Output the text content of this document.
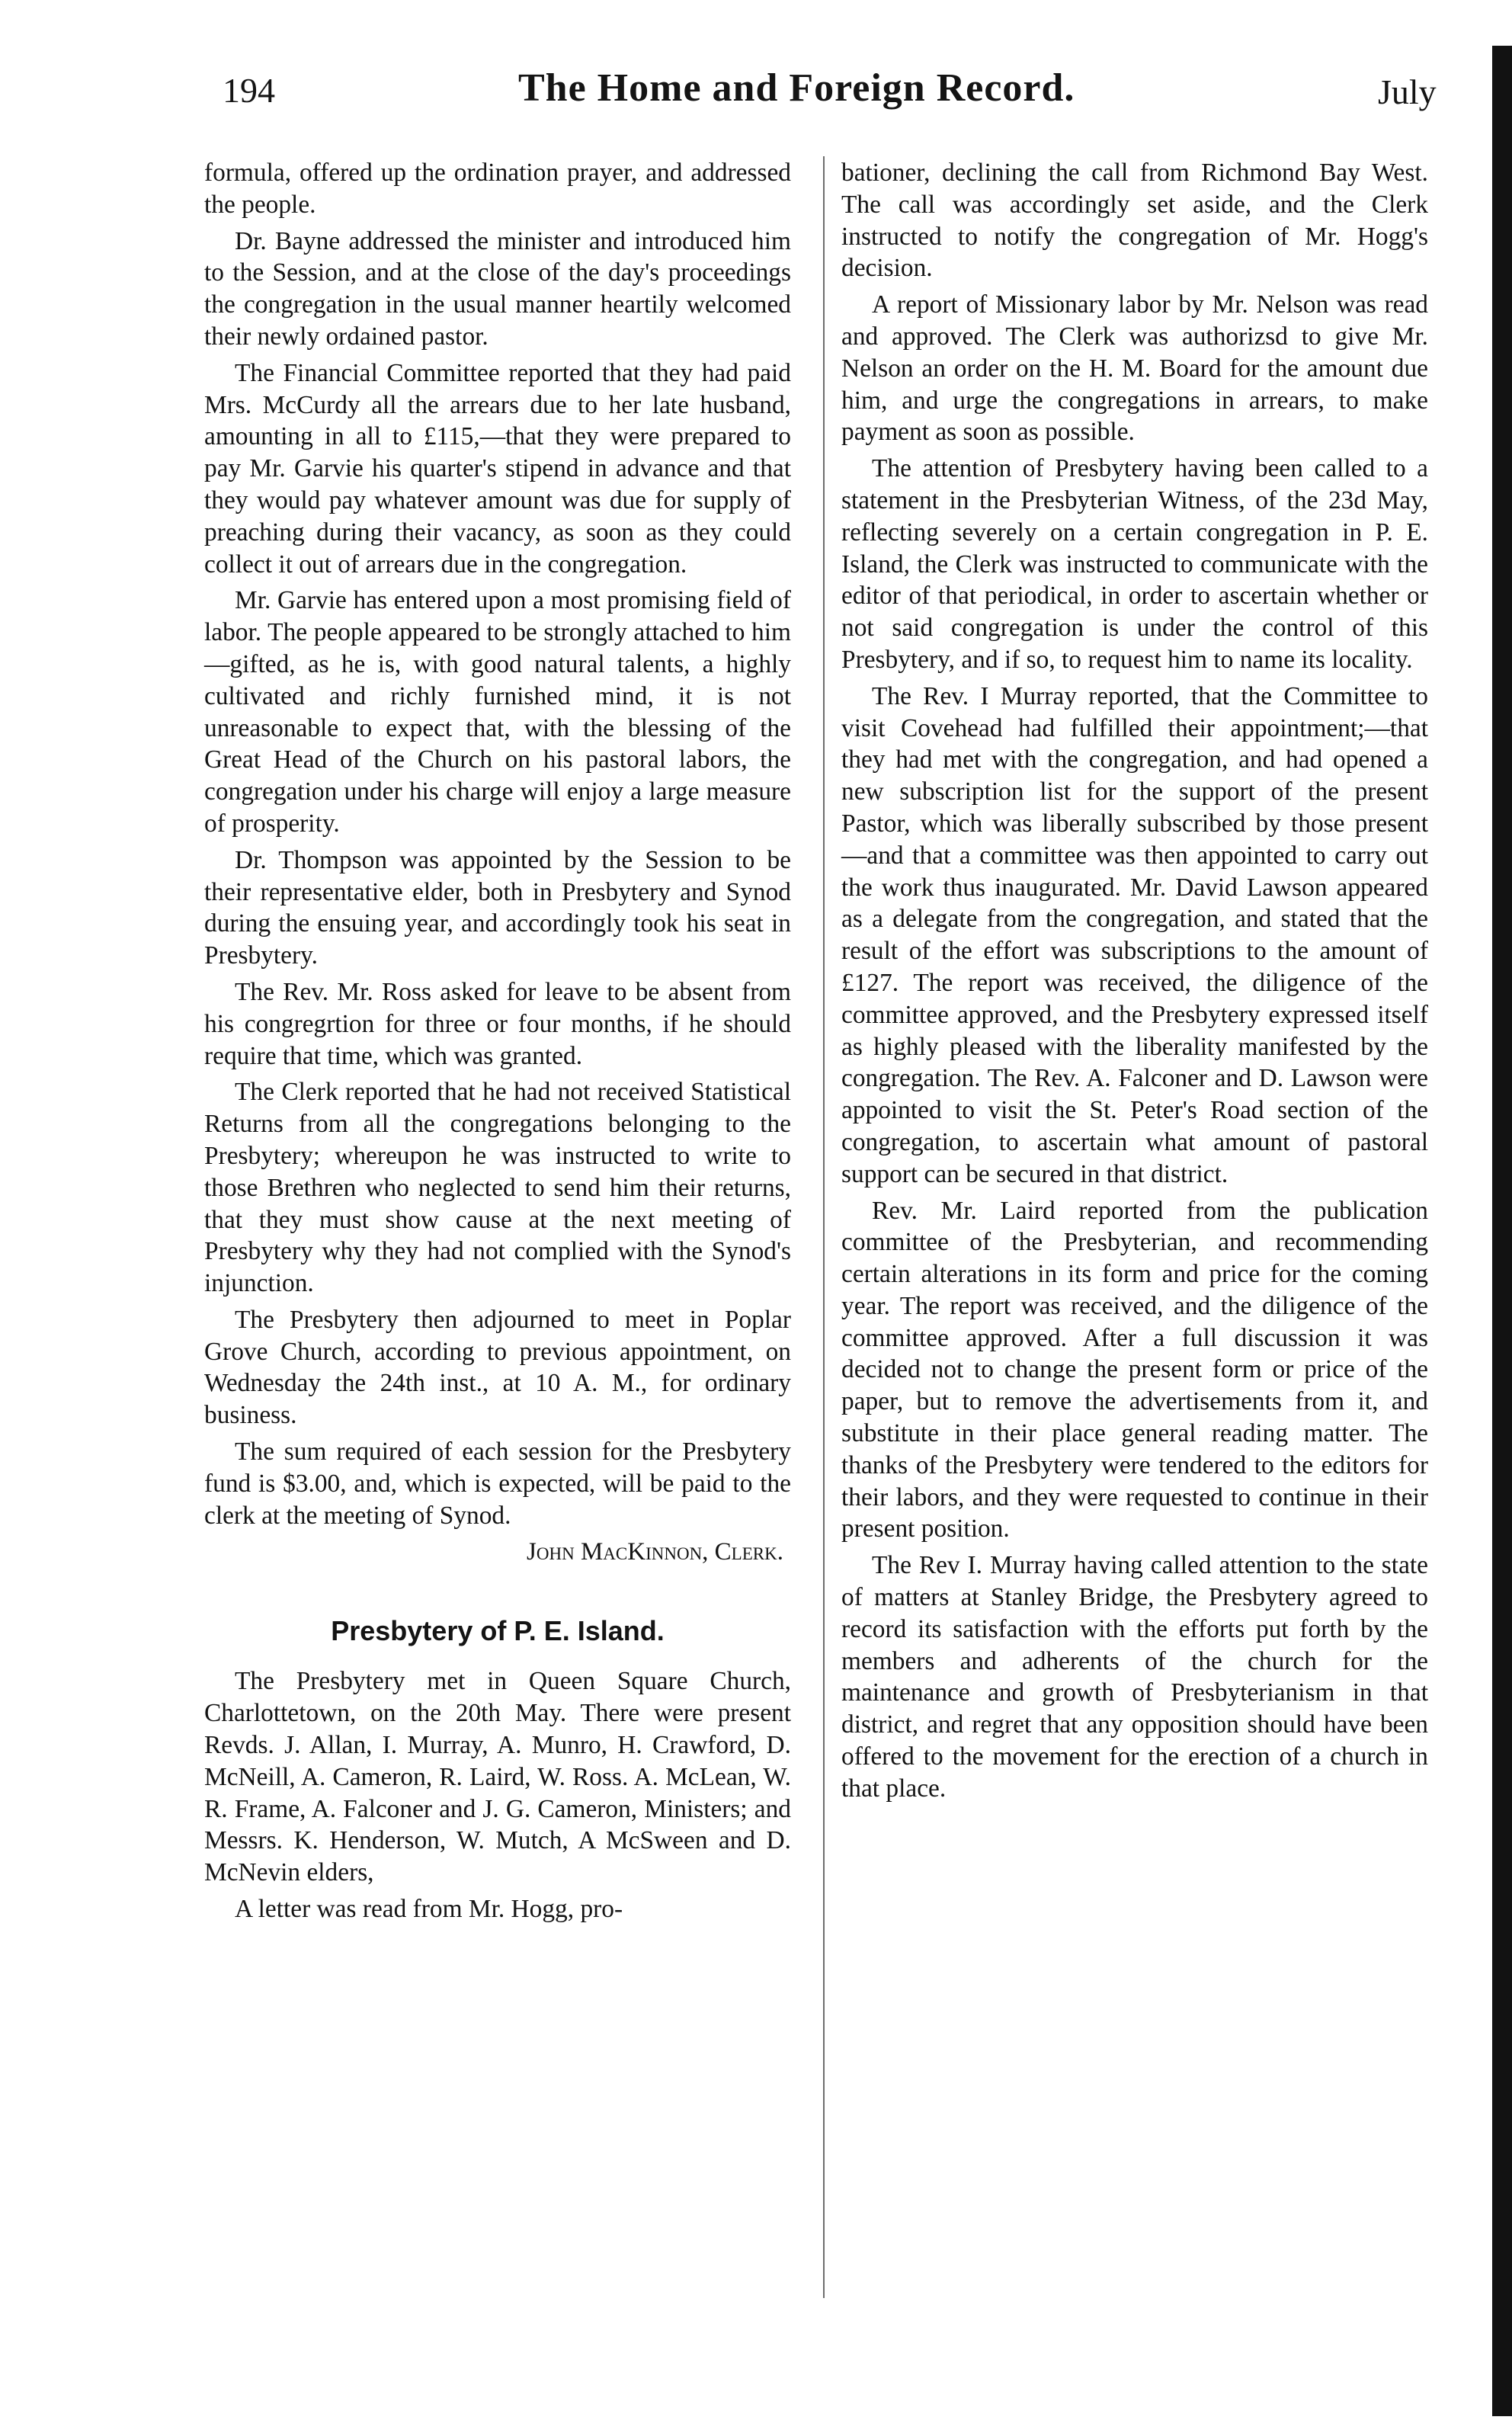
194	The Home and Foreign Record.	July

formula, offered up the ordination prayer, and addressed the people.

Dr. Bayne addressed the minister and introduced him to the Session, and at the close of the day's proceedings the congregation in the usual manner heartily welcomed their newly ordained pastor.

The Financial Committee reported that they had paid Mrs. McCurdy all the arrears due to her late husband, amounting in all to £115,—that they were prepared to pay Mr. Garvie his quarter's stipend in advance and that they would pay whatever amount was due for supply of preaching during their vacancy, as soon as they could collect it out of arrears due in the congregation.

Mr. Garvie has entered upon a most promising field of labor. The people appeared to be strongly attached to him—gifted, as he is, with good natural talents, a highly cultivated and richly furnished mind, it is not unreasonable to expect that, with the blessing of the Great Head of the Church on his pastoral labors, the congregation under his charge will enjoy a large measure of prosperity.

Dr. Thompson was appointed by the Session to be their representative elder, both in Presbytery and Synod during the ensuing year, and accordingly took his seat in Presbytery.

The Rev. Mr. Ross asked for leave to be absent from his congregrtion for three or four months, if he should require that time, which was granted.

The Clerk reported that he had not received Statistical Returns from all the congregations belonging to the Presbytery; whereupon he was instructed to write to those Brethren who neglected to send him their returns, that they must show cause at the next meeting of Presbytery why they had not complied with the Synod's injunction.

The Presbytery then adjourned to meet in Poplar Grove Church, according to previous appointment, on Wednesday the 24th inst., at 10 A. M., for ordinary business.

The sum required of each session for the Presbytery fund is $3.00, and, which is expected, will be paid to the clerk at the meeting of Synod.

John MacKinnon, Clerk.
Presbytery of P. E. Island.

The Presbytery met in Queen Square Church, Charlottetown, on the 20th May. There were present Revds. J. Allan, I. Murray, A. Munro, H. Crawford, D. McNeill, A. Cameron, R. Laird, W. Ross. A. McLean, W. R. Frame, A. Falconer and J. G. Cameron, Ministers; and Messrs. K. Henderson, W. Mutch, A McSween and D. McNevin elders,

A letter was read from Mr. Hogg, pro-

bationer, declining the call from Richmond Bay West. The call was accordingly set aside, and the Clerk instructed to notify the congregation of Mr. Hogg's decision.

A report of Missionary labor by Mr. Nelson was read and approved. The Clerk was authorizsd to give Mr. Nelson an order on the H. M. Board for the amount due him, and urge the congregations in arrears, to make payment as soon as possible.

The attention of Presbytery having been called to a statement in the Presbyterian Witness, of the 23d May, reflecting severely on a certain congregation in P. E. Island, the Clerk was instructed to communicate with the editor of that periodical, in order to ascertain whether or not said congregation is under the control of this Presbytery, and if so, to request him to name its locality.

The Rev. I Murray reported, that the Committee to visit Covehead had fulfilled their appointment;—that they had met with the congregation, and had opened a new subscription list for the support of the present Pastor, which was liberally subscribed by those present—and that a committee was then appointed to carry out the work thus inaugurated. Mr. David Lawson appeared as a delegate from the congregation, and stated that the result of the effort was subscriptions to the amount of £127. The report was received, the diligence of the committee approved, and the Presbytery expressed itself as highly pleased with the liberality manifested by the congregation. The Rev. A. Falconer and D. Lawson were appointed to visit the St. Peter's Road section of the congregation, to ascertain what amount of pastoral support can be secured in that district.

Rev. Mr. Laird reported from the publication committee of the Presbyterian, and recommending certain alterations in its form and price for the coming year. The report was received, and the diligence of the committee approved. After a full discussion it was decided not to change the present form or price of the paper, but to remove the advertisements from it, and substitute in their place general reading matter. The thanks of the Presbytery were tendered to the editors for their labors, and they were requested to continue in their present position.

The Rev I. Murray having called attention to the state of matters at Stanley Bridge, the Presbytery agreed to record its satisfaction with the efforts put forth by the members and adherents of the church for the maintenance and growth of Presbyterianism in that district, and regret that any opposition should have been offered to the movement for the erection of a church in that place.
